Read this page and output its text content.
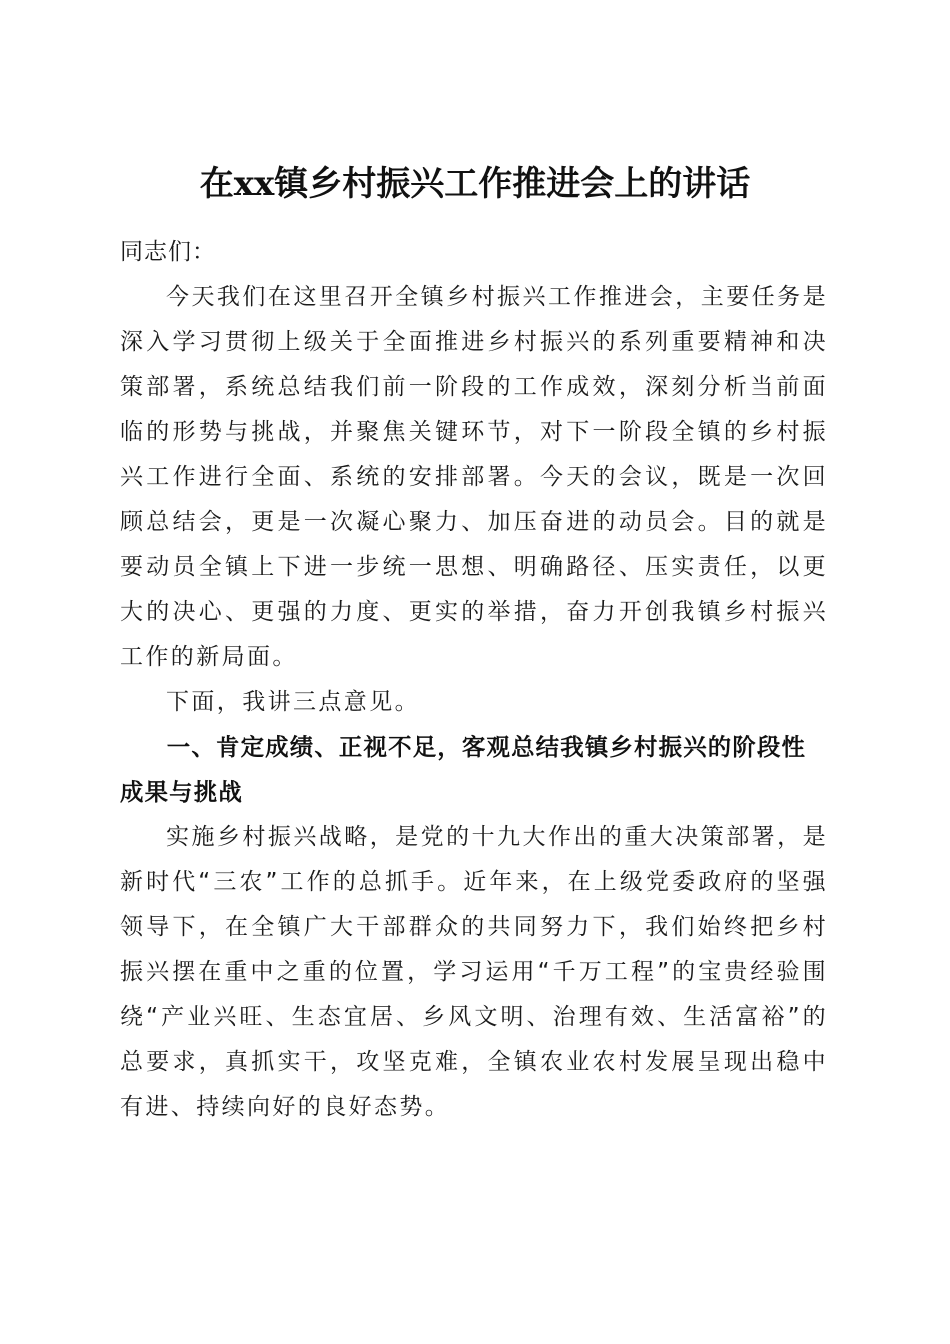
在xx镇乡村振兴工作推进会上的讲话

同志们：

今天我们在这里召开全镇乡村振兴工作推进会，主要任务是深入学习贯彻上级关于全面推进乡村振兴的系列重要精神和决策部署，系统总结我们前一阶段的工作成效，深刻分析当前面临的形势与挑战，并聚焦关键环节，对下一阶段全镇的乡村振兴工作进行全面、系统的安排部署。今天的会议，既是一次回顾总结会，更是一次凝心聚力、加压奋进的动员会。目的就是要动员全镇上下进一步统一思想、明确路径、压实责任，以更大的决心、更强的力度、更实的举措，奋力开创我镇乡村振兴工作的新局面。

下面，我讲三点意见。

一、肯定成绩、正视不足，客观总结我镇乡村振兴的阶段性成果与挑战

实施乡村振兴战略，是党的十九大作出的重大决策部署，是新时代“三农”工作的总抓手。近年来，在上级党委政府的坚强领导下，在全镇广大干部群众的共同努力下，我们始终把乡村振兴摆在重中之重的位置，学习运用“千万工程”的宝贵经验围绕“产业兴旺、生态宜居、乡风文明、治理有效、生活富裕”的总要求，真抓实干，攻坚克难，全镇农业农村发展呈现出稳中有进、持续向好的良好态势。
